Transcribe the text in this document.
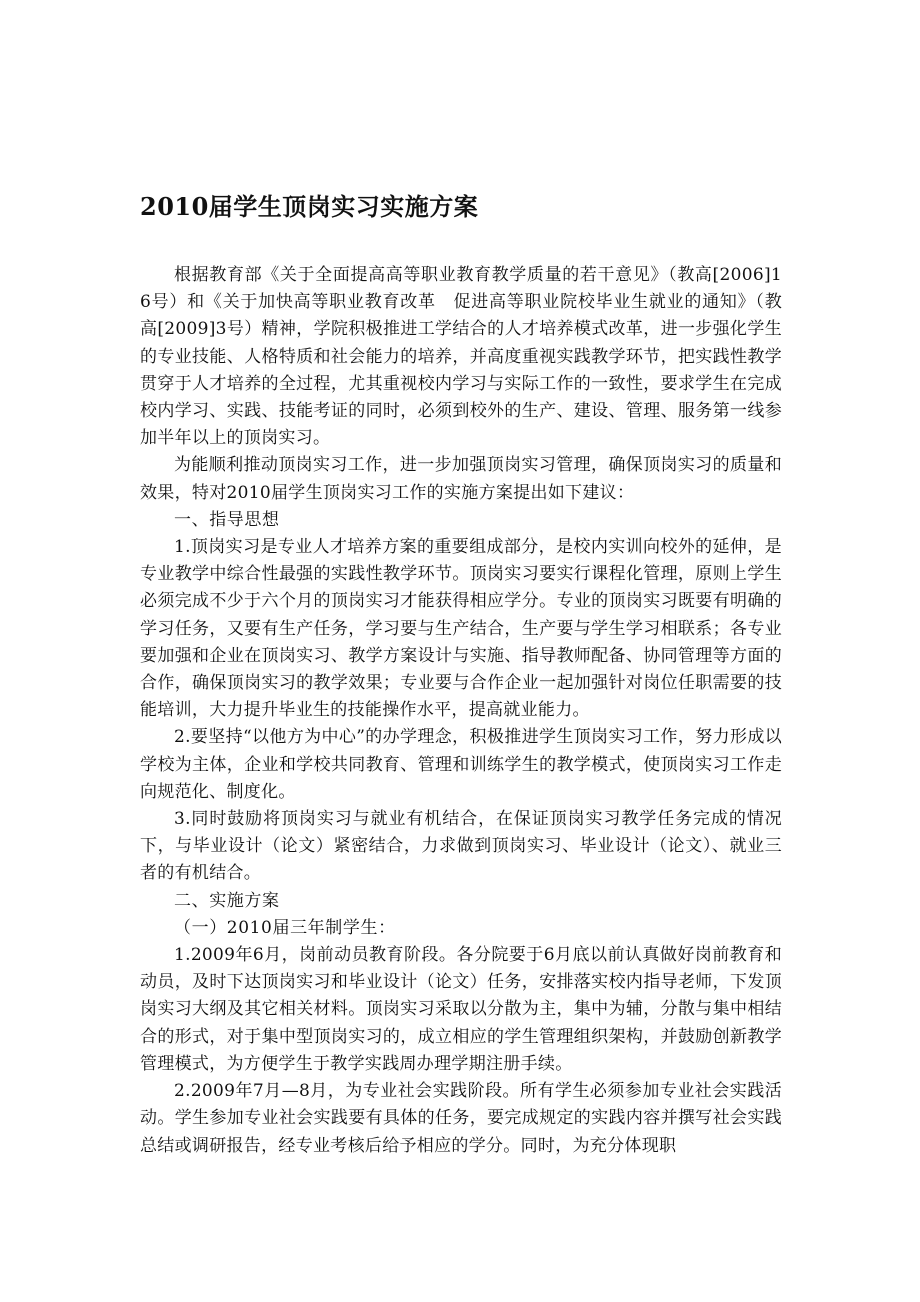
2010届学生顶岗实习实施方案

根据教育部《关于全面提高高等职业教育教学质量的若干意见》（教高[2006]16号）和《关于加快高等职业教育改革　促进高等职业院校毕业生就业的通知》（教高[2009]3号）精神，学院积极推进工学结合的人才培养模式改革，进一步强化学生的专业技能、人格特质和社会能力的培养，并高度重视实践教学环节，把实践性教学贯穿于人才培养的全过程，尤其重视校内学习与实际工作的一致性，要求学生在完成校内学习、实践、技能考证的同时，必须到校外的生产、建设、管理、服务第一线参加半年以上的顶岗实习。

为能顺利推动顶岗实习工作，进一步加强顶岗实习管理，确保顶岗实习的质量和效果，特对2010届学生顶岗实习工作的实施方案提出如下建议：

一、指导思想

1.顶岗实习是专业人才培养方案的重要组成部分，是校内实训向校外的延伸，是专业教学中综合性最强的实践性教学环节。顶岗实习要实行课程化管理，原则上学生必须完成不少于六个月的顶岗实习才能获得相应学分。专业的顶岗实习既要有明确的学习任务，又要有生产任务，学习要与生产结合，生产要与学生学习相联系；各专业要加强和企业在顶岗实习、教学方案设计与实施、指导教师配备、协同管理等方面的合作，确保顶岗实习的教学效果；专业要与合作企业一起加强针对岗位任职需要的技能培训，大力提升毕业生的技能操作水平，提高就业能力。

2.要坚持“以他方为中心”的办学理念，积极推进学生顶岗实习工作，努力形成以学校为主体，企业和学校共同教育、管理和训练学生的教学模式，使顶岗实习工作走向规范化、制度化。

3.同时鼓励将顶岗实习与就业有机结合，在保证顶岗实习教学任务完成的情况下，与毕业设计（论文）紧密结合，力求做到顶岗实习、毕业设计（论文）、就业三者的有机结合。

二、实施方案

（一）2010届三年制学生：

1.2009年6月，岗前动员教育阶段。各分院要于6月底以前认真做好岗前教育和动员，及时下达顶岗实习和毕业设计（论文）任务，安排落实校内指导老师，下发顶岗实习大纲及其它相关材料。顶岗实习采取以分散为主，集中为辅，分散与集中相结合的形式，对于集中型顶岗实习的，成立相应的学生管理组织架构，并鼓励创新教学管理模式，为方便学生于教学实践周办理学期注册手续。

2.2009年7月—8月，为专业社会实践阶段。所有学生必须参加专业社会实践活动。学生参加专业社会实践要有具体的任务，要完成规定的实践内容并撰写社会实践总结或调研报告，经专业考核后给予相应的学分。同时，为充分体现职
